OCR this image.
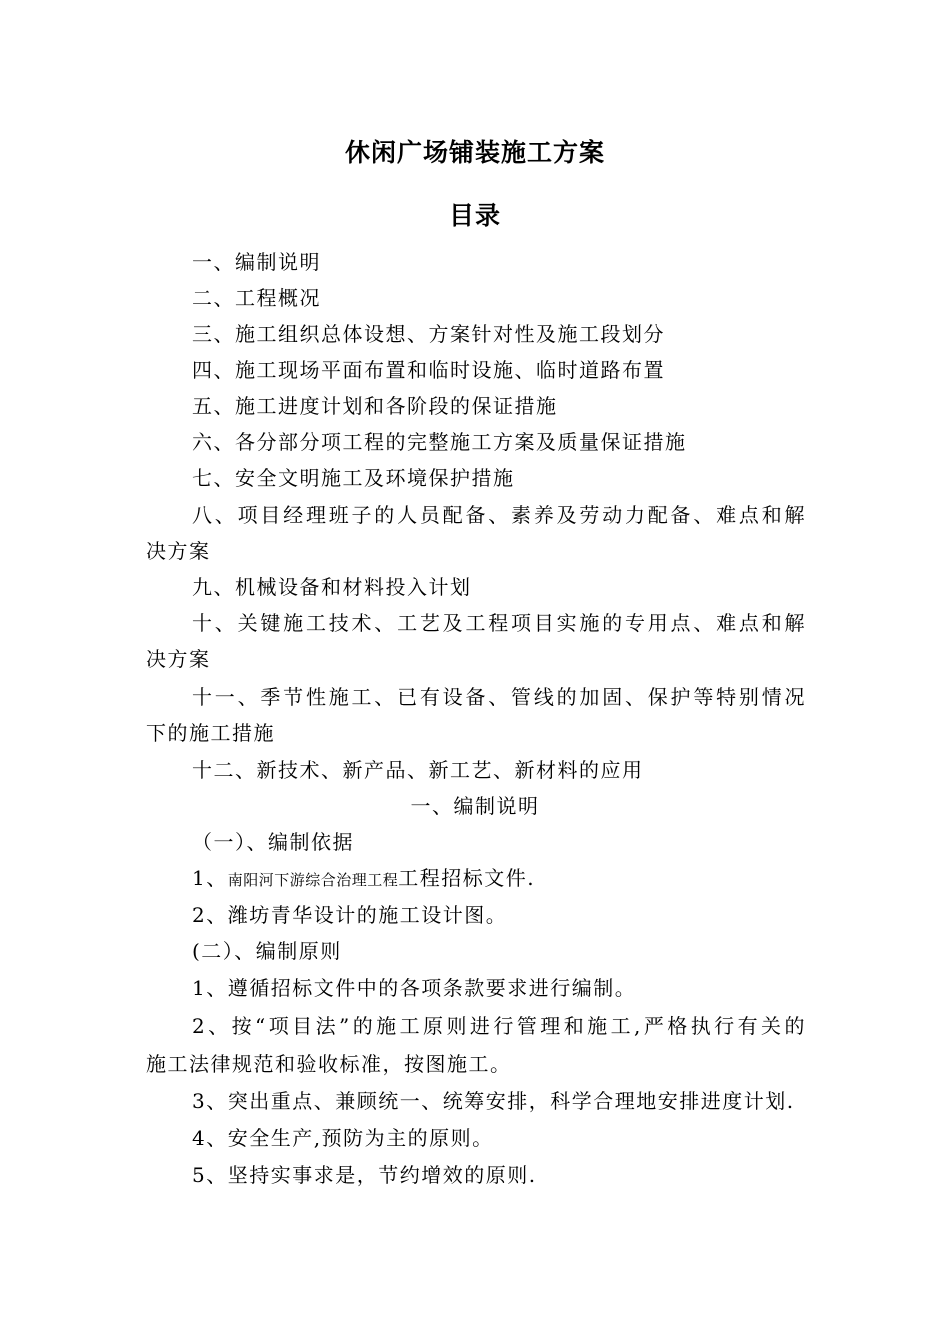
休闲广场铺装施工方案
目录

一、编制说明

二、工程概况

三、施工组织总体设想、方案针对性及施工段划分

四、施工现场平面布置和临时设施、临时道路布置

五、施工进度计划和各阶段的保证措施

六、各分部分项工程的完整施工方案及质量保证措施

七、安全文明施工及环境保护措施

八、项目经理班子的人员配备、素养及劳动力配备、难点和解

决方案

九、机械设备和材料投入计划

十、关键施工技术、工艺及工程项目实施的专用点、难点和解

决方案

十一、季节性施工、已有设备、管线的加固、保护等特别情况

下的施工措施

十二、新技术、新产品、新工艺、新材料的应用

一、编制说明

（一）、编制依据

1、南阳河下游综合治理工程工程招标文件.

2、潍坊青华设计的施工设计图。

(二）、编制原则

1、遵循招标文件中的各项条款要求进行编制。

2、按“项目法”的施工原则进行管理和施工,严格执行有关的

施工法律规范和验收标准，按图施工。

3、突出重点、兼顾统一、统筹安排，科学合理地安排进度计划.

4、安全生产,预防为主的原则。

5、坚持实事求是，节约增效的原则.
